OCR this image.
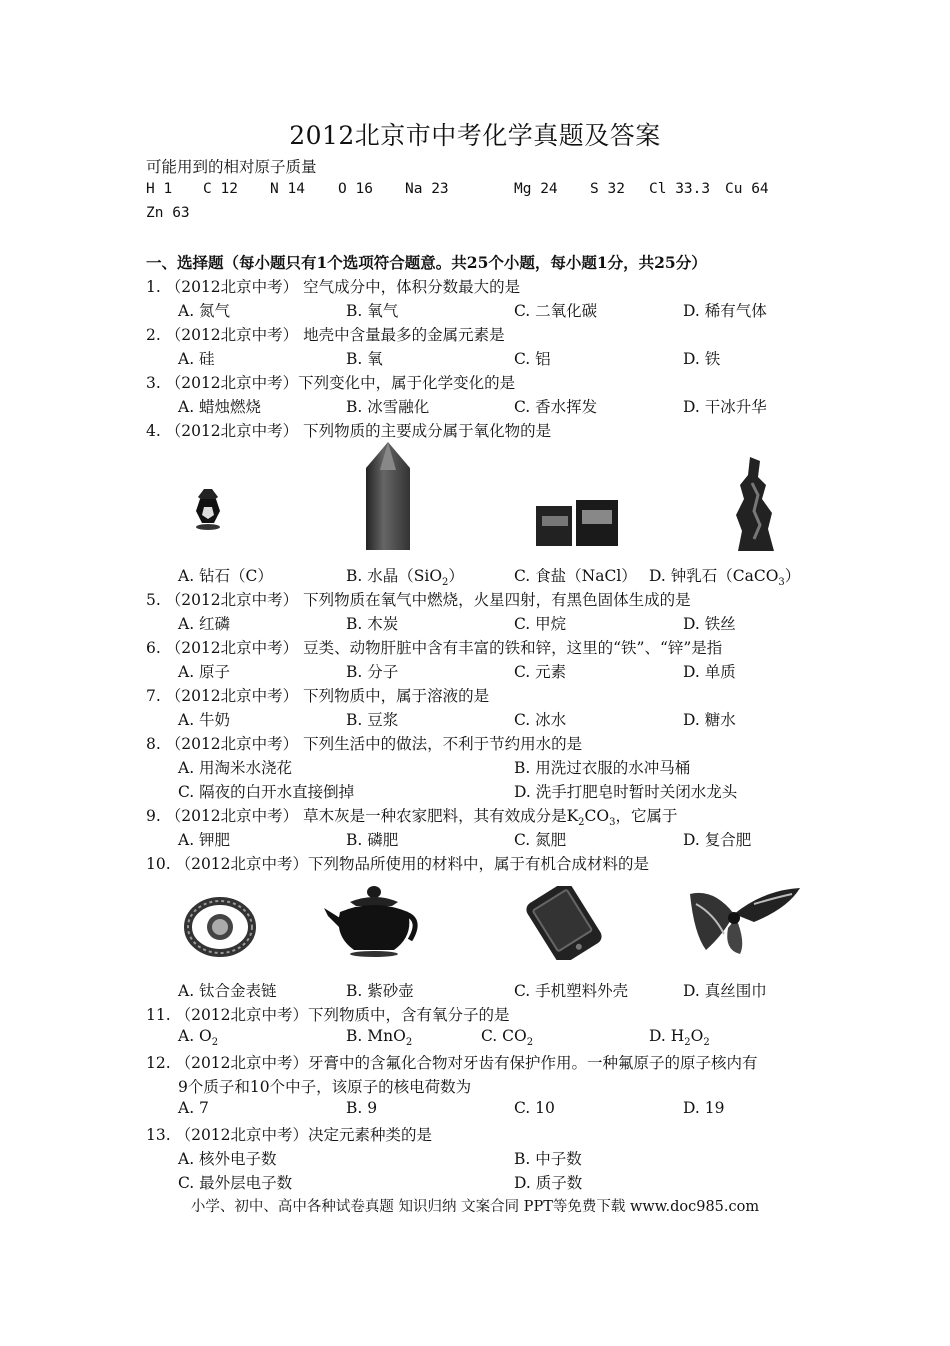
2012北京市中考化学真题及答案
可能用到的相对原子质量
H 1 C 12 N 14 O 16 Na 23	Mg 24 S 32 Cl 33.3 Cu 64
Zn 63
一、选择题（每小题只有1个选项符合题意。共25个小题，每小题1分，共25分）
1. （2012北京中考） 空气成分中，体积分数最大的是
A. 氮气	B. 氧气	C. 二氧化碳	D. 稀有气体
2. （2012北京中考） 地壳中含量最多的金属元素是
A. 硅	B. 氧	C. 铝	D. 铁
3. （2012北京中考）下列变化中，属于化学变化的是
A. 蜡烛燃烧	B. 冰雪融化	C. 香水挥发	D. 干冰升华
4. （2012北京中考） 下列物质的主要成分属于氧化物的是
A. 钻石（C）	B. 水晶（SiO$_2$）	C. 食盐（NaCl） D. 钟乳石（CaCO$_3$）
5. （2012北京中考） 下列物质在氧气中燃烧，火星四射，有黑色固体生成的是
A. 红磷	B. 木炭	C. 甲烷	D. 铁丝
6. （2012北京中考） 豆类、动物肝脏中含有丰富的铁和锌，这里的“铁”、“锌”是指
A. 原子	B. 分子	C. 元素	D. 单质
7. （2012北京中考） 下列物质中，属于溶液的是
A. 牛奶	B. 豆浆	C. 冰水	D. 糖水
8. （2012北京中考） 下列生活中的做法，不利于节约用水的是
A. 用淘米水浇花	B. 用洗过衣服的水冲马桶
C. 隔夜的白开水直接倒掉	D. 洗手打肥皂时暂时关闭水龙头
9. （2012北京中考） 草木灰是一种农家肥料，其有效成分是$K_2CO_3$，它属于
A. 钾肥	B. 磷肥	C. 氮肥	D. 复合肥
10. （2012北京中考）下列物品所使用的材料中，属于有机合成材料的是
A. 钛合金表链	B. 紫砂壶	C. 手机塑料外壳	D. 真丝围巾
11. （2012北京中考）下列物质中，含有氧分子的是
A. $O_2$	B. MnO$_2$	C. $CO_2$	D. $H_2O_2$
12. （2012北京中考）牙膏中的含氟化合物对牙齿有保护作用。一种氟原子的原子核内有
9个质子和10个中子，该原子的核电荷数为
A. 7	B. 9	C. 10	D. 19
13. （2012北京中考）决定元素种类的是
A. 核外电子数	B. 中子数
C. 最外层电子数	D. 质子数
小学、初中、高中各种试卷真题 知识归纳 文案合同 PPT等免费下载 www.doc985.com
